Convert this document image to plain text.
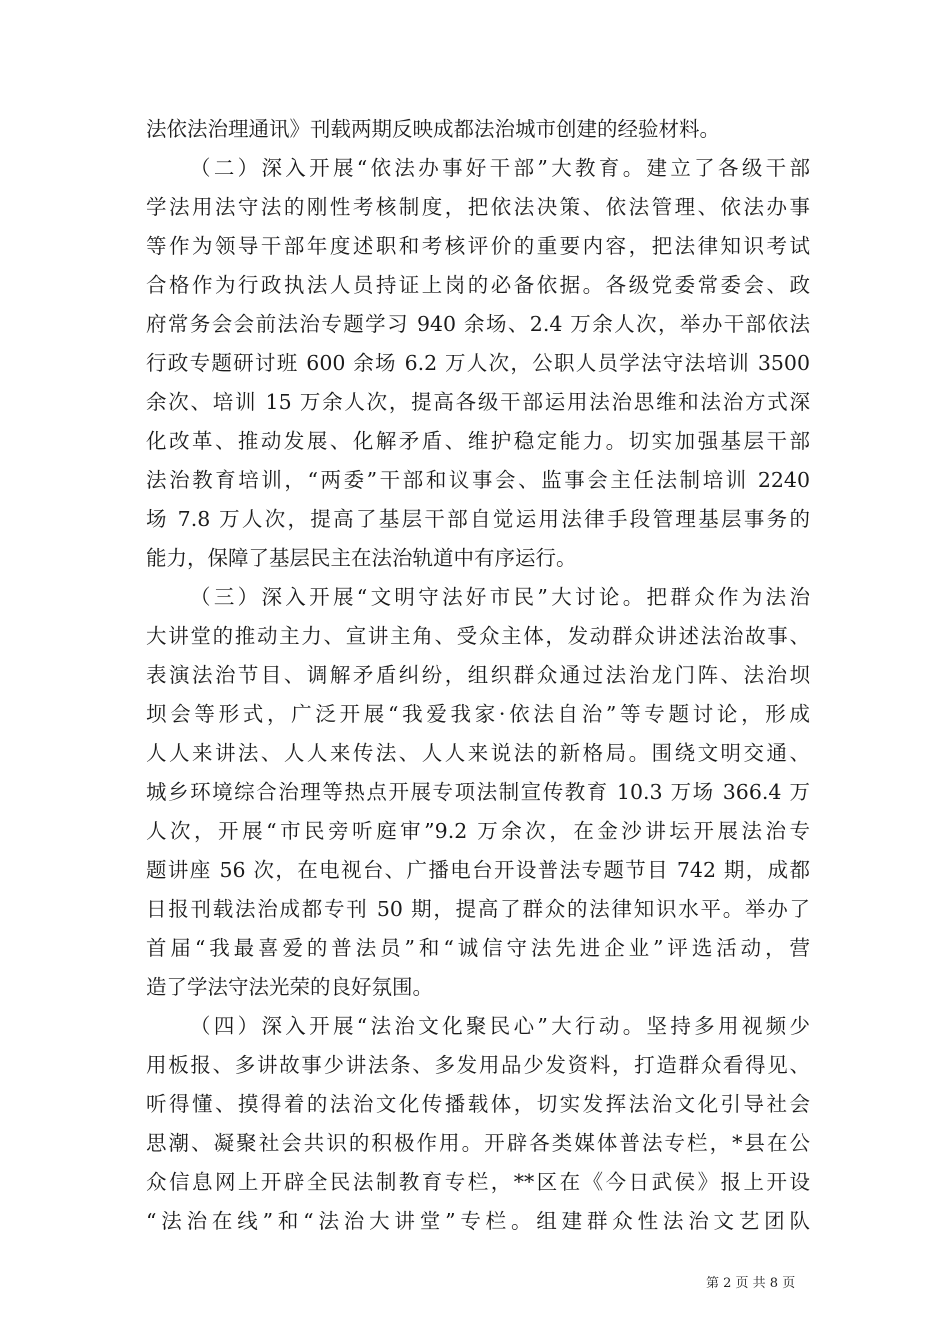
法依法治理通讯》刊载两期反映成都法治城市创建的经验材料。
（二）深入开展“依法办事好干部”大教育。建立了各级干部
学法用法守法的刚性考核制度，把依法决策、依法管理、依法办事
等作为领导干部年度述职和考核评价的重要内容，把法律知识考试
合格作为行政执法人员持证上岗的必备依据。各级党委常委会、政
府常务会会前法治专题学习 940 余场、2.4 万余人次，举办干部依法
行政专题研讨班 600 余场 6.2 万人次，公职人员学法守法培训 3500
余次、培训 15 万余人次，提高各级干部运用法治思维和法治方式深
化改革、推动发展、化解矛盾、维护稳定能力。切实加强基层干部
法治教育培训，“两委”干部和议事会、监事会主任法制培训 2240
场 7.8 万人次，提高了基层干部自觉运用法律手段管理基层事务的
能力，保障了基层民主在法治轨道中有序运行。
（三）深入开展“文明守法好市民”大讨论。把群众作为法治
大讲堂的推动主力、宣讲主角、受众主体，发动群众讲述法治故事、
表演法治节目、调解矛盾纠纷，组织群众通过法治龙门阵、法治坝
坝会等形式，广泛开展“我爱我家·依法自治”等专题讨论，形成
人人来讲法、人人来传法、人人来说法的新格局。围绕文明交通、
城乡环境综合治理等热点开展专项法制宣传教育 10.3 万场 366.4 万
人次，开展“市民旁听庭审”9.2 万余次，在金沙讲坛开展法治专
题讲座 56 次，在电视台、广播电台开设普法专题节目 742 期，成都
日报刊载法治成都专刊 50 期，提高了群众的法律知识水平。举办了
首届“我最喜爱的普法员”和“诚信守法先进企业”评选活动，营
造了学法守法光荣的良好氛围。
（四）深入开展“法治文化聚民心”大行动。坚持多用视频少
用板报、多讲故事少讲法条、多发用品少发资料，打造群众看得见、
听得懂、摸得着的法治文化传播载体，切实发挥法治文化引导社会
思潮、凝聚社会共识的积极作用。开辟各类媒体普法专栏，*县在公
众信息网上开辟全民法制教育专栏，**区在《今日武侯》报上开设
“法治在线”和“法治大讲堂”专栏。组建群众性法治文艺团队
第 2 页 共 8 页
